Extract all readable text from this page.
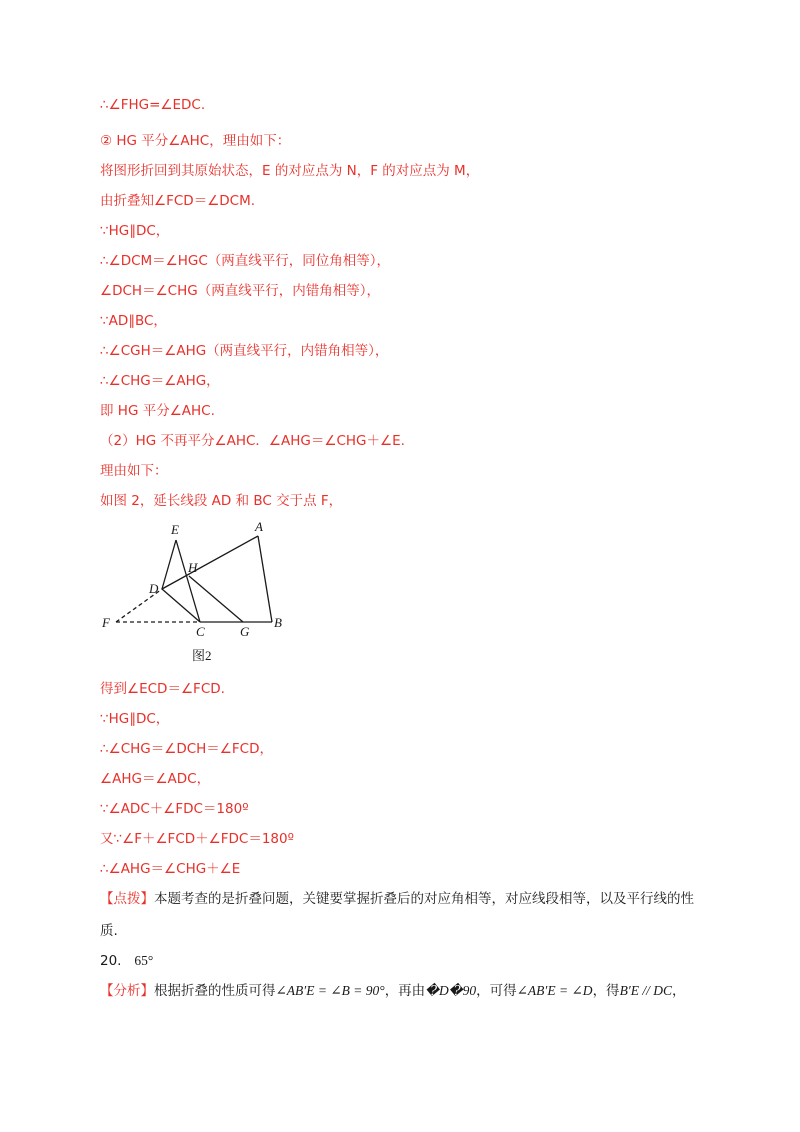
∴∠FHG=∠EDC.
② HG 平分∠AHC，理由如下：
将图形折回到其原始状态，E 的对应点为 N，F 的对应点为 M，
由折叠知∠FCD＝∠DCM.
∵HG∥DC，
∴∠DCM＝∠HGC（两直线平行，同位角相等），
∠DCH＝∠CHG（两直线平行，内错角相等），
∵AD∥BC，
∴∠CGH＝∠AHG（两直线平行，内错角相等），
∴∠CHG＝∠AHG，
即 HG 平分∠AHC.
（2）HG 不再平分∠AHC．∠AHG＝∠CHG＋∠E.
理由如下：
如图 2，延长线段 AD 和 BC 交于点 F，
E	A
H
D
F
C	G
B
图2
得到∠ECD＝∠FCD.
∵HG∥DC，
∴∠CHG＝∠DCH＝∠FCD，
∠AHG＝∠ADC，
∵∠ADC＋∠FDC＝180º
又∵∠F＋∠FCD＋∠FDC＝180º
∴∠AHG＝∠CHG＋∠E
【点拨】本题考查的是折叠问题，关键要掌握折叠后的对应角相等，对应线段相等，以及平行线的性
质.
20. 65°
【分析】根据折叠的性质可得∠AB′E = ∠B = 90°，再由�D�90，可得∠AB′E = ∠D，得B′E // DC，
